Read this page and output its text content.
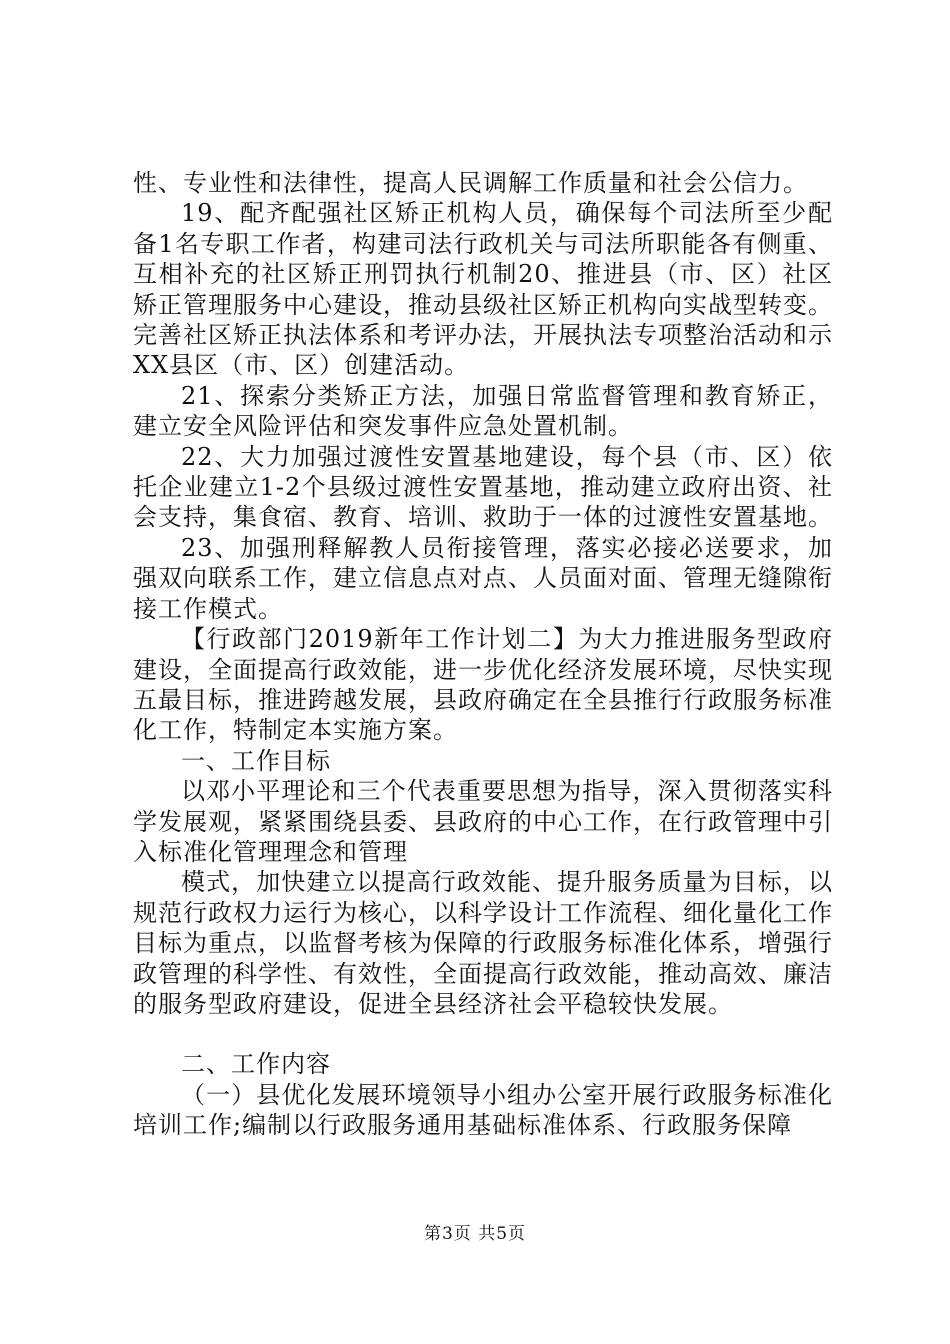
性、专业性和法律性，提高人民调解工作质量和社会公信力。

19、配齐配强社区矫正机构人员，确保每个司法所至少配备1名专职工作者，构建司法行政机关与司法所职能各有侧重、互相补充的社区矫正刑罚执行机制20、推进县（市、区）社区矫正管理服务中心建设，推动县级社区矫正机构向实战型转变。完善社区矫正执法体系和考评办法，开展执法专项整治活动和示XX县区（市、区）创建活动。

21、探索分类矫正方法，加强日常监督管理和教育矫正，建立安全风险评估和突发事件应急处置机制。

22、大力加强过渡性安置基地建设，每个县（市、区）依托企业建立1-2个县级过渡性安置基地，推动建立政府出资、社会支持，集食宿、教育、培训、救助于一体的过渡性安置基地。

23、加强刑释解教人员衔接管理，落实必接必送要求，加强双向联系工作，建立信息点对点、人员面对面、管理无缝隙衔接工作模式。

【行政部门2019新年工作计划二】为大力推进服务型政府建设，全面提高行政效能，进一步优化经济发展环境，尽快实现五最目标，推进跨越发展，县政府确定在全县推行行政服务标准化工作，特制定本实施方案。

一、工作目标

以邓小平理论和三个代表重要思想为指导，深入贯彻落实科学发展观，紧紧围绕县委、县政府的中心工作，在行政管理中引入标准化管理理念和管理

模式，加快建立以提高行政效能、提升服务质量为目标，以规范行政权力运行为核心，以科学设计工作流程、细化量化工作目标为重点，以监督考核为保障的行政服务标准化体系，增强行政管理的科学性、有效性，全面提高行政效能，推动高效、廉洁的服务型政府建设，促进全县经济社会平稳较快发展。

二、工作内容

（一）县优化发展环境领导小组办公室开展行政服务标准化培训工作;编制以行政服务通用基础标准体系、行政服务保障

第3页 共5页
